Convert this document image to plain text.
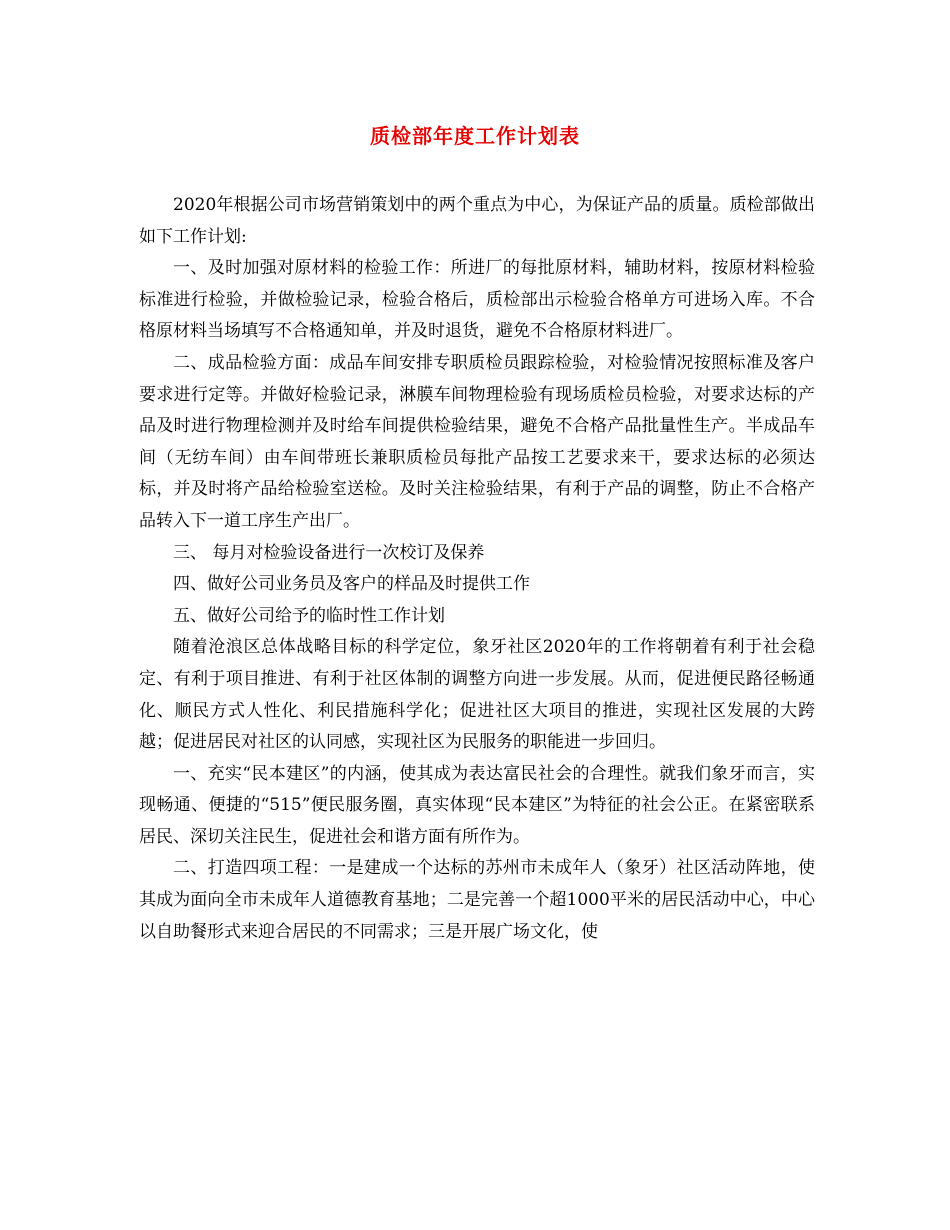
质检部年度工作计划表

2020年根据公司市场营销策划中的两个重点为中心，为保证产品的质量。质检部做出如下工作计划:

一、及时加强对原材料的检验工作：所进厂的每批原材料，辅助材料，按原材料检验标准进行检验，并做检验记录，检验合格后，质检部出示检验合格单方可进场入库。不合格原材料当场填写不合格通知单，并及时退货，避免不合格原材料进厂。

二、成品检验方面：成品车间安排专职质检员跟踪检验，对检验情况按照标准及客户要求进行定等。并做好检验记录，淋膜车间物理检验有现场质检员检验，对要求达标的产品及时进行物理检测并及时给车间提供检验结果，避免不合格产品批量性生产。半成品车间（无纺车间）由车间带班长兼职质检员每批产品按工艺要求来干，要求达标的必须达标，并及时将产品给检验室送检。及时关注检验结果，有利于产品的调整，防止不合格产品转入下一道工序生产出厂。

三、 每月对检验设备进行一次校订及保养

四、做好公司业务员及客户的样品及时提供工作

五、做好公司给予的临时性工作计划

随着沧浪区总体战略目标的科学定位，象牙社区2020年的工作将朝着有利于社会稳定、有利于项目推进、有利于社区体制的调整方向进一步发展。从而，促进便民路径畅通化、顺民方式人性化、利民措施科学化；促进社区大项目的推进，实现社区发展的大跨越；促进居民对社区的认同感，实现社区为民服务的职能进一步回归。

一、充实“民本建区”的内涵，使其成为表达富民社会的合理性。就我们象牙而言，实现畅通、便捷的“515”便民服务圈，真实体现“民本建区”为特征的社会公正。在紧密联系居民、深切关注民生，促进社会和谐方面有所作为。

二、打造四项工程：一是建成一个达标的苏州市未成年人（象牙）社区活动阵地，使其成为面向全市未成年人道德教育基地；二是完善一个超1000平米的居民活动中心，中心以自助餐形式来迎合居民的不同需求；三是开展广场文化，使
